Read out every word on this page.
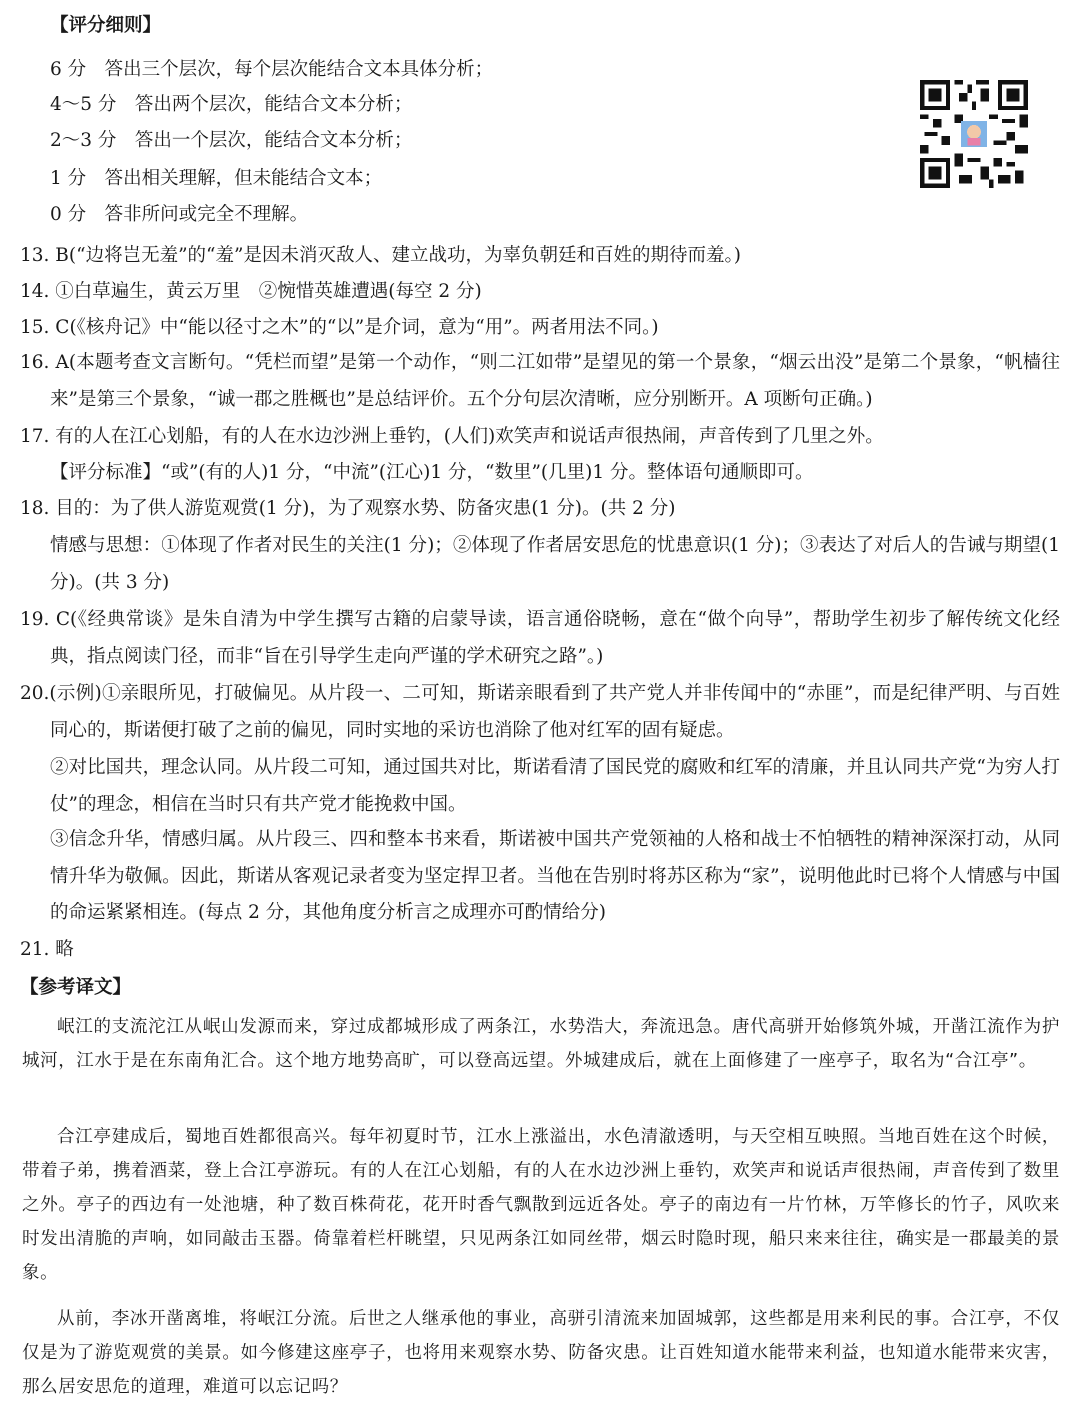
【评分细则】
6 分　答出三个层次，每个层次能结合文本具体分析；
4～5 分　答出两个层次，能结合文本分析；
2～3 分　答出一个层次，能结合文本分析；
1 分　答出相关理解，但未能结合文本；
0 分　答非所问或完全不理解。
13. B(“边将岂无羞”的“羞”是因未消灭敌人、建立战功，为辜负朝廷和百姓的期待而羞。)
14. ①白草遍生，黄云万里　②惋惜英雄遭遇(每空 2 分)
15. C(《核舟记》中“能以径寸之木”的“以”是介词，意为“用”。两者用法不同。)
16. A(本题考查文言断句。“凭栏而望”是第一个动作，“则二江如带”是望见的第一个景象，“烟云出没”是第二个景象，“帆樯往来”是第三个景象，“诚一郡之胜概也”是总结评价。五个分句层次清晰，应分别断开。A 项断句正确。)
17. 有的人在江心划船，有的人在水边沙洲上垂钓，(人们)欢笑声和说话声很热闹，声音传到了几里之外。
【评分标准】“或”(有的人)1 分，“中流”(江心)1 分，“数里”(几里)1 分。整体语句通顺即可。
18. 目的：为了供人游览观赏(1 分)，为了观察水势、防备灾患(1 分)。(共 2 分)
情感与思想：①体现了作者对民生的关注(1 分)；②体现了作者居安思危的忧患意识(1 分)；③表达了对后人的告诫与期望(1 分)。(共 3 分)
19. C(《经典常谈》是朱自清为中学生撰写古籍的启蒙导读，语言通俗晓畅，意在“做个向导”，帮助学生初步了解传统文化经典，指点阅读门径，而非“旨在引导学生走向严谨的学术研究之路”。)
20.(示例)①亲眼所见，打破偏见。从片段一、二可知，斯诺亲眼看到了共产党人并非传闻中的“赤匪”，而是纪律严明、与百姓同心的，斯诺便打破了之前的偏见，同时实地的采访也消除了他对红军的固有疑虑。
②对比国共，理念认同。从片段二可知，通过国共对比，斯诺看清了国民党的腐败和红军的清廉，并且认同共产党“为穷人打仗”的理念，相信在当时只有共产党才能挽救中国。
③信念升华，情感归属。从片段三、四和整本书来看，斯诺被中国共产党领袖的人格和战士不怕牺牲的精神深深打动，从同情升华为敬佩。因此，斯诺从客观记录者变为坚定捍卫者。当他在告别时将苏区称为“家”，说明他此时已将个人情感与中国的命运紧紧相连。(每点 2 分，其他角度分析言之成理亦可酌情给分)
21. 略
【参考译文】
岷江的支流沱江从岷山发源而来，穿过成都城形成了两条江，水势浩大，奔流迅急。唐代高骈开始修筑外城，开凿江流作为护城河，江水于是在东南角汇合。这个地方地势高旷，可以登高远望。外城建成后，就在上面修建了一座亭子，取名为“合江亭”。
合江亭建成后，蜀地百姓都很高兴。每年初夏时节，江水上涨溢出，水色清澈透明，与天空相互映照。当地百姓在这个时候，带着子弟，携着酒菜，登上合江亭游玩。有的人在江心划船，有的人在水边沙洲上垂钓，欢笑声和说话声很热闹，声音传到了数里之外。亭子的西边有一处池塘，种了数百株荷花，花开时香气飘散到远近各处。亭子的南边有一片竹林，万竿修长的竹子，风吹来时发出清脆的声响，如同敲击玉器。倚靠着栏杆眺望，只见两条江如同丝带，烟云时隐时现，船只来来往往，确实是一郡最美的景象。
从前，李冰开凿离堆，将岷江分流。后世之人继承他的事业，高骈引清流来加固城郭，这些都是用来利民的事。合江亭，不仅仅是为了游览观赏的美景。如今修建这座亭子，也将用来观察水势、防备灾患。让百姓知道水能带来利益，也知道水能带来灾害，那么居安思危的道理，难道可以忘记吗？
